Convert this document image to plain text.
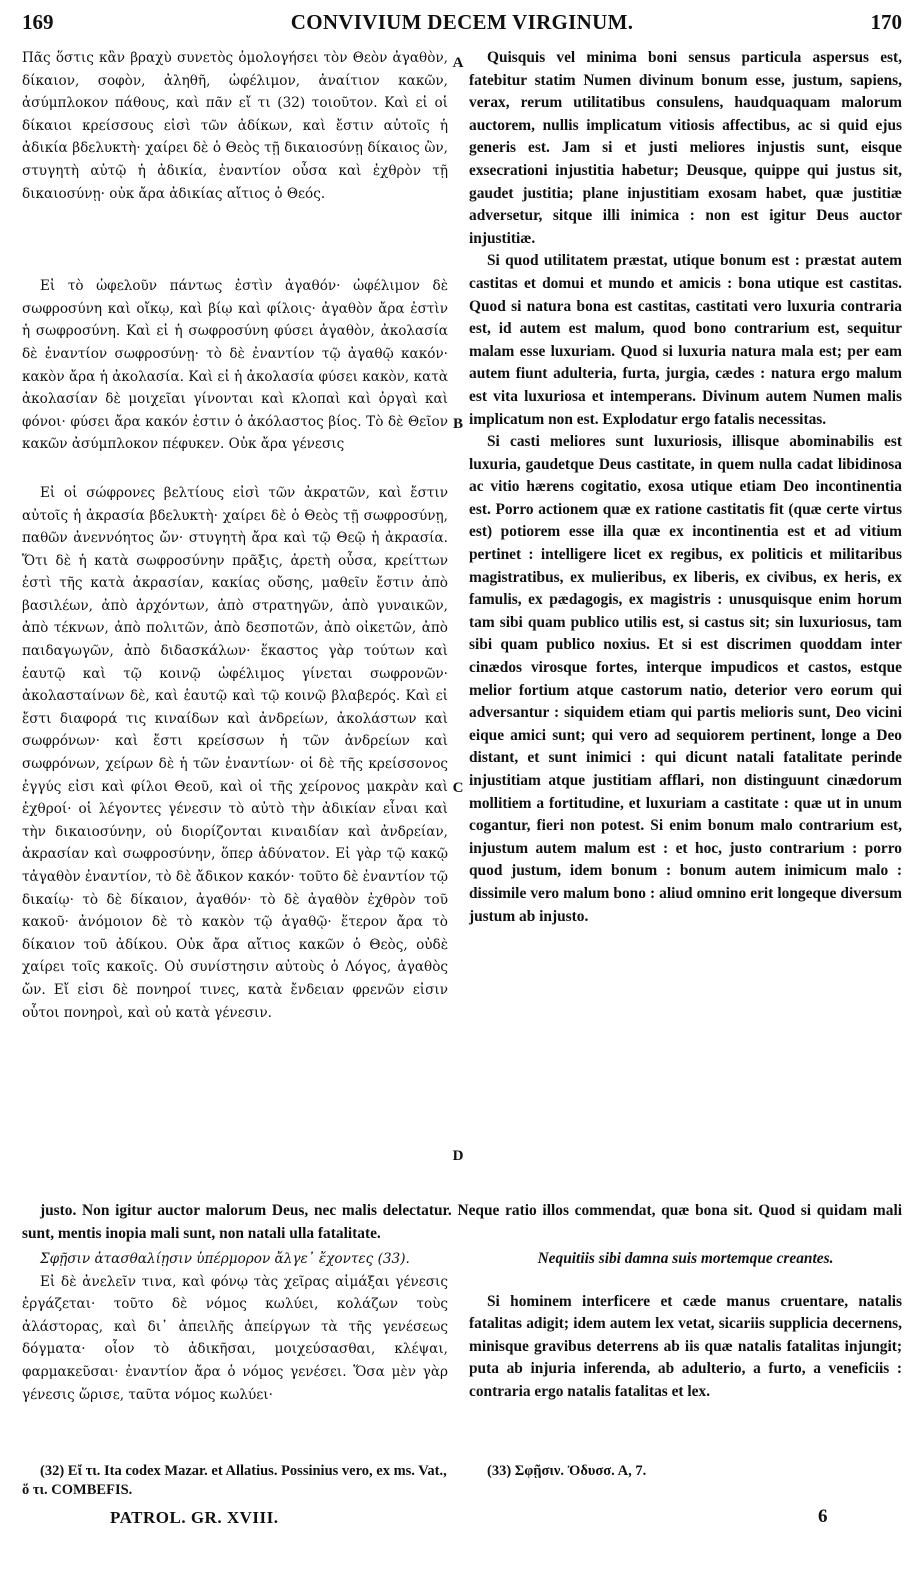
169	CONVIVIUM DECEM VIRGINUM.	170

Πᾶς ὅστις κἂν βραχὺ συνετὸς ὁμολογήσει τὸν Θεὸν ἀγαθὸν, δίκαιον, σοφὸν, ἀληθῆ, ὠφέλιμον, ἀναίτιον κακῶν, ἀσύμπλοκον πάθους, καὶ πᾶν εἴ τι (32) τοιοῦτον. Καὶ εἰ οἱ δίκαιοι κρείσσους εἰσὶ τῶν ἀδίκων, καὶ ἔστιν αὐτοῖς ἡ ἀδικία βδελυκτὴ· χαίρει δὲ ὁ Θεὸς τῇ δικαιοσύνῃ δίκαιος ὢν, στυγητὴ αὐτῷ ἡ ἀδικία, ἐναντίον οὖσα καὶ ἐχθρὸν τῇ δικαιοσύνῃ· οὐκ ἄρα ἀδικίας αἴτιος ὁ Θεός.

Εἰ τὸ ὠφελοῦν πάντως ἐστὶν ἀγαθόν· ὠφέλιμον δὲ σωφροσύνη καὶ οἴκῳ, καὶ βίῳ καὶ φίλοις· ἀγαθὸν ἄρα ἐστὶν ἡ σωφροσύνη. Καὶ εἰ ἡ σωφροσύνη φύσει ἀγαθὸν, ἀκολασία δὲ ἐναντίον σωφροσύνῃ· τὸ δὲ ἐναντίον τῷ ἀγαθῷ κακόν· κακὸν ἄρα ἡ ἀκολασία. Καὶ εἰ ἡ ἀκολασία φύσει κακὸν, κατὰ ἀκολασίαν δὲ μοιχεῖαι γίνονται καὶ κλοπαὶ καὶ ὀργαὶ καὶ φόνοι· φύσει ἄρα κακόν ἐστιν ὁ ἀκόλαστος βίος. Τὸ δὲ Θεῖον κακῶν ἀσύμπλοκον πέφυκεν. Οὐκ ἄρα γένεσις

Εἰ οἱ σώφρονες βελτίους εἰσὶ τῶν ἀκρατῶν, καὶ ἔστιν αὐτοῖς ἡ ἀκρασία βδελυκτὴ· χαίρει δὲ ὁ Θεὸς τῇ σωφροσύνῃ, παθῶν ἀνεννόητος ὤν· στυγητὴ ἄρα καὶ τῷ Θεῷ ἡ ἀκρασία. Ὅτι δὲ ἡ κατὰ σωφροσύνην πρᾶξις, ἀρετὴ οὖσα, κρείττων ἐστὶ τῆς κατὰ ἀκρασίαν, κακίας οὔσης, μαθεῖν ἔστιν ἀπὸ βασιλέων, ἀπὸ ἀρχόντων, ἀπὸ στρατηγῶν, ἀπὸ γυναικῶν, ἀπὸ τέκνων, ἀπὸ πολιτῶν, ἀπὸ δεσποτῶν, ἀπὸ οἰκετῶν, ἀπὸ παιδαγωγῶν, ἀπὸ διδασκάλων· ἕκαστος γὰρ τούτων καὶ ἑαυτῷ καὶ τῷ κοινῷ ὠφέλιμος γίνεται σωφρονῶν· ἀκολασταίνων δὲ, καὶ ἑαυτῷ καὶ τῷ κοινῷ βλαβερός. Καὶ εἰ ἔστι διαφορά τις κιναίδων καὶ ἀνδρείων, ἀκολάστων καὶ σωφρόνων· καὶ ἔστι κρείσσων ἡ τῶν ἀνδρείων καὶ σωφρόνων, χείρων δὲ ἡ τῶν ἐναντίων· οἱ δὲ τῆς κρείσσονος ἐγγύς εἰσι καὶ φίλοι Θεοῦ, καὶ οἱ τῆς χείρονος μακρὰν καὶ ἐχθροί· οἱ λέγοντες γένεσιν τὸ αὐτὸ τὴν ἀδικίαν εἶναι καὶ τὴν δικαιοσύνην, οὐ διορίζονται κιναιδίαν καὶ ἀνδρείαν, ἀκρασίαν καὶ σωφροσύνην, ὅπερ ἀδύνατον. Εἰ γὰρ τῷ κακῷ τἀγαθὸν ἐναντίον, τὸ δὲ ἄδικον κακόν· τοῦτο δὲ ἐναντίον τῷ δικαίῳ· τὸ δὲ δίκαιον, ἀγαθόν· τὸ δὲ ἀγαθὸν ἐχθρὸν τοῦ κακοῦ· ἀνόμοιον δὲ τὸ κακὸν τῷ ἀγαθῷ· ἕτερον ἄρα τὸ δίκαιον τοῦ ἀδίκου. Οὐκ ἄρα αἴτιος κακῶν ὁ Θεὸς, οὐδὲ χαίρει τοῖς κακοῖς. Οὐ συνίστησιν αὐτοὺς ὁ Λόγος, ἀγαθὸς ὤν. Εἴ εἰσι δὲ πονηροί τινες, κατὰ ἔνδειαν φρενῶν εἰσιν οὗτοι πονηροὶ, καὶ οὐ κατὰ γένεσιν.

Quisquis vel minima boni sensus particula aspersus est, fatebitur statim Numen divinum bonum esse, justum, sapiens, verax, rerum utilitatibus consulens, haudquaquam malorum auctorem, nullis implicatum vitiosis affectibus, ac si quid ejus generis est. Jam si et justi meliores injustis sunt, eisque exsecrationi injustitia habetur; Deusque, quippe qui justus sit, gaudet justitia; plane injustitiam exosam habet, quæ justitiæ adversetur, sitque illi inimica : non est igitur Deus auctor injustitiæ.

Si quod utilitatem præstat, utique bonum est : præstat autem castitas et domui et mundo et amicis : bona utique est castitas. Quod si natura bona est castitas, castitati vero luxuria contraria est, id autem est malum, quod bono contrarium est, sequitur malam esse luxuriam. Quod si luxuria natura mala est; per eam autem fiunt adulteria, furta, jurgia, cædes : natura ergo malum est vita luxuriosa et intemperans. Divinum autem Numen malis implicatum non est. Explodatur ergo fatalis necessitas.

Si casti meliores sunt luxuriosis, illisque abominabilis est luxuria, gaudetque Deus castitate, in quem nulla cadat libidinosa ac vitio hærens cogitatio, exosa utique etiam Deo incontinentia est. Porro actionem quæ ex ratione castitatis fit (quæ certe virtus est) potiorem esse illa quæ ex incontinentia est et ad vitium pertinet : intelligere licet ex regibus, ex politicis et militaribus magistratibus, ex mulieribus, ex liberis, ex civibus, ex heris, ex famulis, ex pædagogis, ex magistris : unusquisque enim horum tam sibi quam publico utilis est, si castus sit; sin luxuriosus, tam sibi quam publico noxius. Et si est discrimen quoddam inter cinædos virosque fortes, interque impudicos et castos, estque melior fortium atque castorum natio, deterior vero eorum qui adversantur : siquidem etiam qui partis melioris sunt, Deo vicini eique amici sunt; qui vero ad sequiorem pertinent, longe a Deo distant, et sunt inimici : qui dicunt natali fatalitate perinde injustitiam atque justitiam afflari, non distinguunt cinædorum mollitiem a fortitudine, et luxuriam a castitate : quæ ut in unum cogantur, fieri non potest. Si enim bonum malo contrarium est, injustum autem malum est : et hoc, justo contrarium : porro quod justum, idem bonum : bonum autem inimicum malo : dissimile vero malum bono : aliud omnino erit longeque diversum justum ab injusto.

A
B
C
D

justo. Non igitur auctor malorum Deus, nec malis delectatur. Neque ratio illos commendat, quæ bona sit. Quod si quidam mali sunt, mentis inopia mali sunt, non natali ulla fatalitate.

Σφῇσιν ἀτασθαλίῃσιν ὑπέρμορον ἄλγε᾽ ἔχοντες (33).

Εἰ δὲ ἀνελεῖν τινα, καὶ φόνῳ τὰς χεῖρας αἱμάξαι γένεσις ἐργάζεται· τοῦτο δὲ νόμος κωλύει, κολάζων τοὺς ἀλάστορας, καὶ δι᾽ ἀπειλῆς ἀπείργων τὰ τῆς γενέσεως δόγματα· οἷον τὸ ἀδικῆσαι, μοιχεύσασθαι, κλέψαι, φαρμακεῦσαι· ἐναντίον ἄρα ὁ νόμος γενέσει. Ὅσα μὲν γὰρ γένεσις ὥρισε, ταῦτα νόμος κωλύει·

Nequitiis sibi damna suis mortemque creantes.

Si hominem interficere et cæde manus cruentare, natalis fatalitas adigit; idem autem lex vetat, sicariis supplicia decernens, minisque gravibus deterrens ab iis quæ natalis fatalitas injungit; puta ab injuria inferenda, ab adulterio, a furto, a veneficiis : contraria ergo natalis fatalitas et lex.

(32) Εἴ τι. Ita codex Mazar. et Allatius. Possinius vero, ex ms. Vat., ὅ τι. COMBEFIS.

(33) Σφῇσιν. Ὀδυσσ. Α, 7.

PATROL. GR. XVIII.	6
